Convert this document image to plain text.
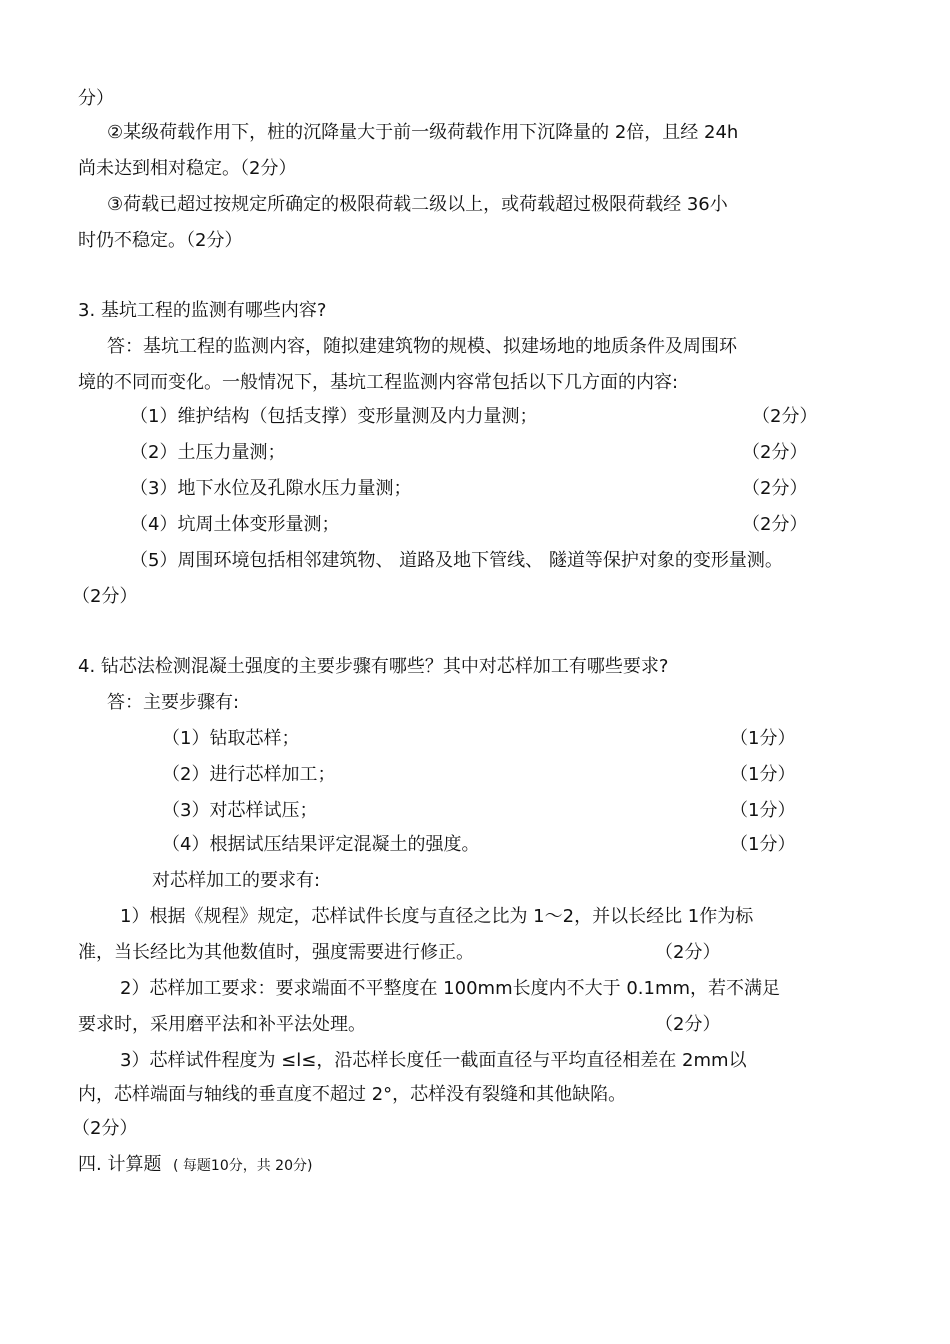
分）
②某级荷载作用下，桩的沉降量大于前一级荷载作用下沉降量的 2倍，且经 24h
尚未达到相对稳定。（2分）
③荷载已超过按规定所确定的极限荷载二级以上，或荷载超过极限荷载经 36小
时仍不稳定。（2分）
3. 基坑工程的监测有哪些内容?
答：基坑工程的监测内容，随拟建建筑物的规模、拟建场地的地质条件及周围环
境的不同而变化。一般情况下，基坑工程监测内容常包括以下几方面的内容:
（1）维护结构（包括支撑）变形量测及内力量测；
（2）土压力量测；
（3）地下水位及孔隙水压力量测；
（4）坑周土体变形量测；
（5）周围环境包括相邻建筑物、 道路及地下管线、 隧道等保护对象的变形量测。
（2分）
4. 钻芯法检测混凝土强度的主要步骤有哪些？其中对芯样加工有哪些要求?
答：主要步骤有:
（1）钻取芯样；
（2）进行芯样加工；
（3）对芯样试压；
（4）根据试压结果评定混凝土的强度。
对芯样加工的要求有:
1）根据《规程》规定，芯样试件长度与直径之比为 1～2，并以长经比 1作为标
准，当长经比为其他数值时，强度需要进行修正。
2）芯样加工要求：要求端面不平整度在 100mm长度内不大于 0.1mm，若不满足
要求时，采用磨平法和补平法处理。
3）芯样试件程度为 ≤l≤，沿芯样长度任一截面直径与平均直径相差在 2mm以
内，芯样端面与轴线的垂直度不超过 2°，芯样没有裂缝和其他缺陷。
（2分）
四. 计算题
（2分）
（2分）
（2分）
（2分）
（1分）
（1分）
（1分）
（1分）
（2分）
（2分）
( 每题10分，共 20分)
